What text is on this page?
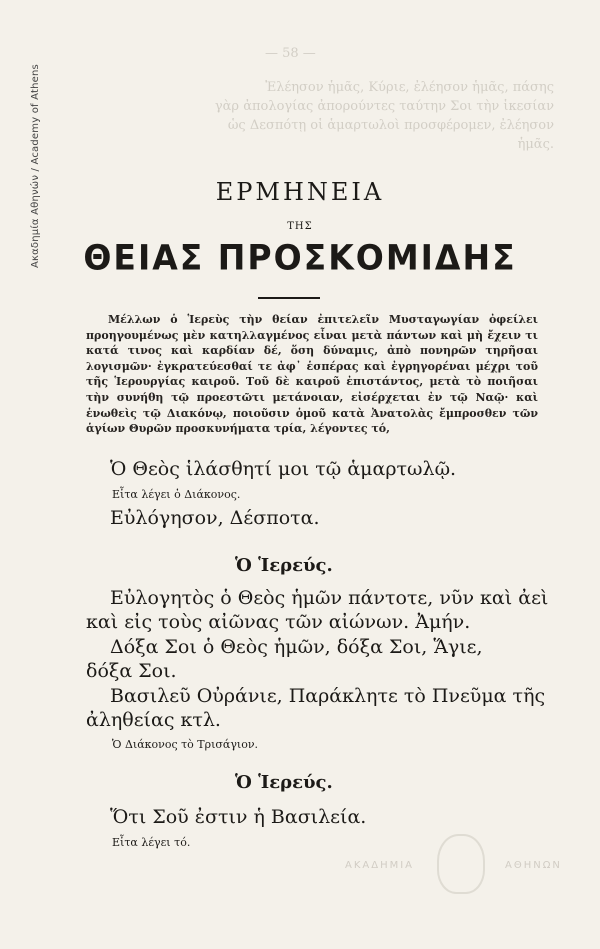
Ακαδημία Αθηνών / Academy of Athens
— 58 —
Ἐλέησον ἡμᾶς, Κύριε, ἐλέησον ἡμᾶς, πάσης
γὰρ ἀπολογίας ἀπορούντες ταύτην Σοι τὴν ἱκεσίαν
ὡς Δεσπότῃ οἱ ἁμαρτωλοὶ προσφέρομεν, ἐλέησον
ἡμᾶς.
ΕΡΜΗΝΕΙΑ
ΤΗΣ
ΘΕΙΑΣ ΠΡΟΣΚΟΜΙΔΗΣ
Μέλλων ὁ Ἱερεὺς τὴν θείαν ἐπιτελεῖν Μυσταγωγίαν ὀφείλει προηγουμένως μὲν κατηλλαγμένος εἶναι μετὰ πάντων καὶ μὴ ἔχειν τι κατά τινος καὶ καρδίαν δέ, ὅση δύναμις, ἀπὸ πονηρῶν τηρῆσαι λογισμῶν· ἐγκρατεύεσθαί τε ἀφ᾽ ἑσπέρας καὶ ἐγρηγορέναι μέχρι τοῦ τῆς Ἱερουργίας καιροῦ. Τοῦ δὲ καιροῦ ἐπιστάντος, μετὰ τὸ ποιῆσαι τὴν συνήθη τῷ προεστῶτι μετάνοιαν, εἰσέρχεται ἐν τῷ Ναῷ· καὶ ἑνωθεὶς τῷ Διακόνῳ, ποιοῦσιν ὁμοῦ κατὰ Ἀνατολὰς ἔμπροσθεν τῶν ἁγίων Θυρῶν προσκυνήματα τρία, λέγοντες τό,
Ὁ Θεὸς ἱλάσθητί μοι τῷ ἁμαρτωλῷ.
Εἶτα λέγει ὁ Διάκονος.
Εὐλόγησον, Δέσποτα.
Ὁ Ἱερεύς.
Εὐλογητὸς ὁ Θεὸς ἡμῶν πάντοτε, νῦν καὶ ἀεὶ
καὶ εἰς τοὺς αἰῶνας τῶν αἰώνων. Ἀμήν.
Δόξα Σοι ὁ Θεὸς ἡμῶν, δόξα Σοι, Ἅγιε,
δόξα Σοι.
Βασιλεῦ Οὐράνιε, Παράκλητε τὸ Πνεῦμα τῆς
ἀληθείας κτλ.
Ὁ Διάκονος τὸ Τρισάγιον.
Ὁ Ἱερεύς.
Ὅτι Σοῦ ἐστιν ἡ Βασιλεία.
Εἶτα λέγει τό.
ΑΚΑΔΗΜΙΑ	ΑΘΗΝΩΝ
